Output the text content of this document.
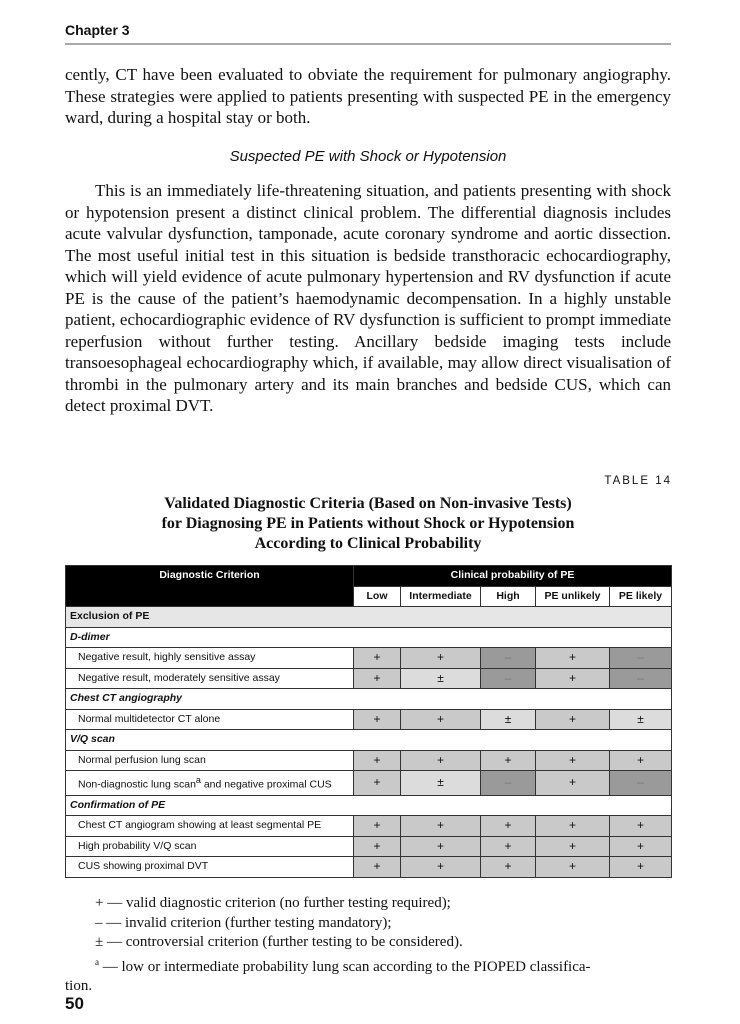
Chapter 3

cently, CT have been evaluated to obviate the requirement for pulmonary angiography. These strategies were applied to patients presenting with suspected PE in the emergency ward, during a hospital stay or both.

Suspected PE with Shock or Hypotension

This is an immediately life-threatening situation, and patients presenting with shock or hypotension present a distinct clinical problem. The differential diagnosis includes acute valvular dysfunction, tamponade, acute coronary syndrome and aortic dissection. The most useful initial test in this situation is bedside transthoracic echocardiography, which will yield evidence of acute pulmonary hypertension and RV dysfunction if acute PE is the cause of the patient’s haemodynamic decompensation. In a highly unstable patient, echocardiographic evidence of RV dysfunction is sufficient to prompt immediate reperfusion without further testing. Ancillary bedside imaging tests include transoesophageal echocardiography which, if available, may allow direct visualisation of thrombi in the pulmonary artery and its main branches and bedside CUS, which can detect proximal DVT.

TABLE 14
Validated Diagnostic Criteria (Based on Non-invasive Tests)
for Diagnosing PE in Patients without Shock or Hypotension
According to Clinical Probability
Diagnostic Criterion	Clinical probability of PE				
	Low	Intermediate	High	PE unlikely	PE likely
Exclusion of PE					
D-dimer					
Negative result, highly sensitive assay	+	+	–	+	–
Negative result, moderately sensitive assay	+	±	–	+	–
Chest CT angiography					
Normal multidetector CT alone	+	+	±	+	±
V/Q scan					
Normal perfusion lung scan	+	+	+	+	+
Non-diagnostic lung scana and negative proximal CUS	+	±	–	+	–
Confirmation of PE					
Chest CT angiogram showing at least segmental PE	+	+	+	+	+
High probability V/Q scan	+	+	+	+	+
CUS showing proximal DVT	+	+	+	+	+
+ — valid diagnostic criterion (no further testing required);
– — invalid criterion (further testing mandatory);
± — controversial criterion (further testing to be considered).
$^a$ — low or intermediate probability lung scan according to the PIOPED classifica-
tion.
50
